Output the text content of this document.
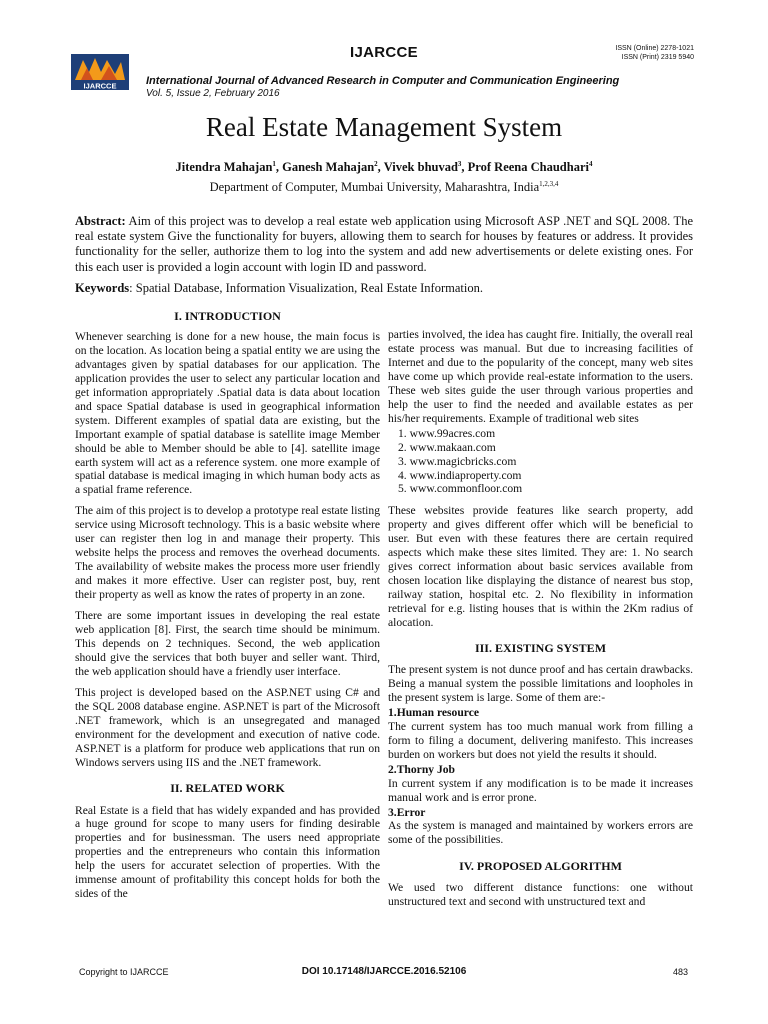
IJARCCE	ISSN (Online) 2278-1021
ISSN (Print) 2319 5940
IJARCCE	International Journal of Advanced Research in Computer and Communication Engineering
Vol. 5, Issue 2, February 2016
Real Estate Management System
Jitendra Mahajan$^1$, Ganesh Mahajan$^2$, Vivek bhuvad$^3$, Prof Reena Chaudhari$^4$
Department of Computer, Mumbai University, Maharashtra, India$^{1,2,3,4}$
Abstract: Aim of this project was to develop a real estate web application using Microsoft ASP .NET and SQL 2008. The real estate system Give the functionality for buyers, allowing them to search for houses by features or address. It provides functionality for the seller, authorize them to log into the system and add new advertisements or delete existing ones. For this each user is provided a login account with login ID and password.
Keywords: Spatial Database, Information Visualization, Real Estate Information.
I. INTRODUCTION

Whenever searching is done for a new house, the main focus is on the location. As location being a spatial entity we are using the advantages given by spatial databases for our application. The application provides the user to select any particular location and get information appropriately .Spatial data is data about location and space Spatial database is used in geographical information system. Different examples of spatial data are existing, but the Important example of spatial database is satellite image Member should be able to Member should be able to [4]. satellite image earth system will act as a reference system. one more example of spatial database is medical imaging in which human body acts as a spatial frame reference.

The aim of this project is to develop a prototype real estate listing service using Microsoft technology. This is a basic website where user can register then log in and manage their property. This website helps the process and removes the overhead documents. The availability of website makes the process more user friendly and makes it more effective. User can register post, buy, rent their property as well as know the rates of property in an zone.

There are some important issues in developing the real estate web application [8]. First, the search time should be minimum. This depends on 2 techniques. Second, the web application should give the services that both buyer and seller want. Third, the web application should have a friendly user interface.

This project is developed based on the ASP.NET using C# and the SQL 2008 database engine. ASP.NET is part of the Microsoft .NET framework, which is an unsegregated and managed environment for the development and execution of native code. ASP.NET is a platform for produce web applications that run on Windows servers using IIS and the .NET framework.

II. RELATED WORK

Real Estate is a field that has widely expanded and has provided a huge ground for scope to many users for finding desirable properties and for businessman. The users need appropriate properties and the entrepreneurs who contain this information help the users for accuratet selection of properties. With the immense amount of profitability this concept holds for both the sides of the

parties involved, the idea has caught fire. Initially, the overall real estate process was manual. But due to increasing facilities of Internet and due to the popularity of the concept, many web sites have come up which provide real-estate information to the users. These web sites guide the user through various properties and help the user to find the needed and available estates as per his/her requirements. Example of traditional web sites

1. www.99acres.com
2. www.makaan.com
3. www.magicbricks.com
4. www.indiaproperty.com
5. www.commonfloor.com

These websites provide features like search property, add property and gives different offer which will be beneficial to user. But even with these features there are certain required aspects which make these sites limited. They are: 1. No search gives correct information about basic services available from chosen location like displaying the distance of nearest bus stop, railway station, hospital etc. 2. No flexibility in information retrieval for e.g. listing houses that is within the 2Km radius of alocation.

III. EXISTING SYSTEM

The present system is not dunce proof and has certain drawbacks. Being a manual system the possible limitations and loopholes in the present system is large. Some of them are:-

1.Human resource

The current system has too much manual work from filling a form to filing a document, delivering manifesto. This increases burden on workers but does not yield the results it should.

2.Thorny Job

In current system if any modification is to be made it increases manual work and is error prone.

3.Error

As the system is managed and maintained by workers errors are some of the possibilities.

IV. PROPOSED ALGORITHM

We used two different distance functions: one without unstructured text and second with unstructured text and

Copyright to IJARCCE	DOI 10.17148/IJARCCE.2016.52106	483
